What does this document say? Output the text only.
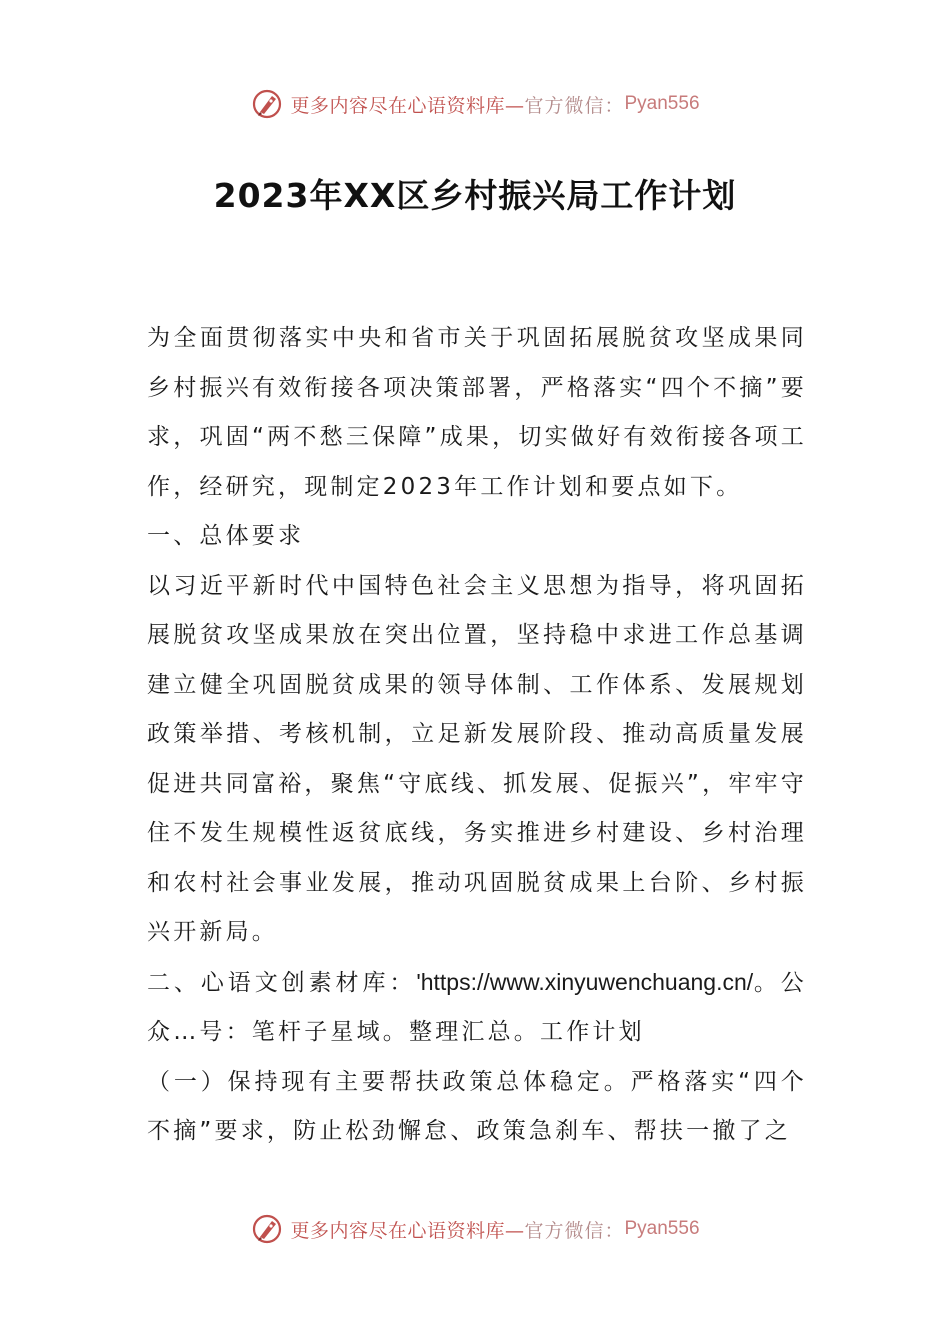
更多内容尽在心语资料库— 官方微信： Pyan556
2023年XX区乡村振兴局工作计划

为全面贯彻落实中央和省市关于巩固拓展脱贫攻坚成果同乡村振兴有效衔接各项决策部署，严格落实“四个不摘”要求，巩固“两不愁三保障”成果，切实做好有效衔接各项工作，经研究，现制定2023年工作计划和要点如下。

一、总体要求

以习近平新时代中国特色社会主义思想为指导，将巩固拓展脱贫攻坚成果放在突出位置，坚持稳中求进工作总基调建立健全巩固脱贫成果的领导体制、工作体系、发展规划政策举措、考核机制，立足新发展阶段、推动高质量发展促进共同富裕，聚焦“守底线、抓发展、促振兴”，牢牢守住不发生规模性返贫底线，务实推进乡村建设、乡村治理和农村社会事业发展，推动巩固脱贫成果上台阶、乡村振兴开新局。

二、心语文创素材库：'https://www.xinyuwenchuang.cn/。公众…号：笔杆子星域。整理汇总。工作计划

（一）保持现有主要帮扶政策总体稳定。严格落实“四个不摘”要求，防止松劲懈怠、政策急刹车、帮扶一撤了之

更多内容尽在心语资料库— 官方微信： Pyan556
